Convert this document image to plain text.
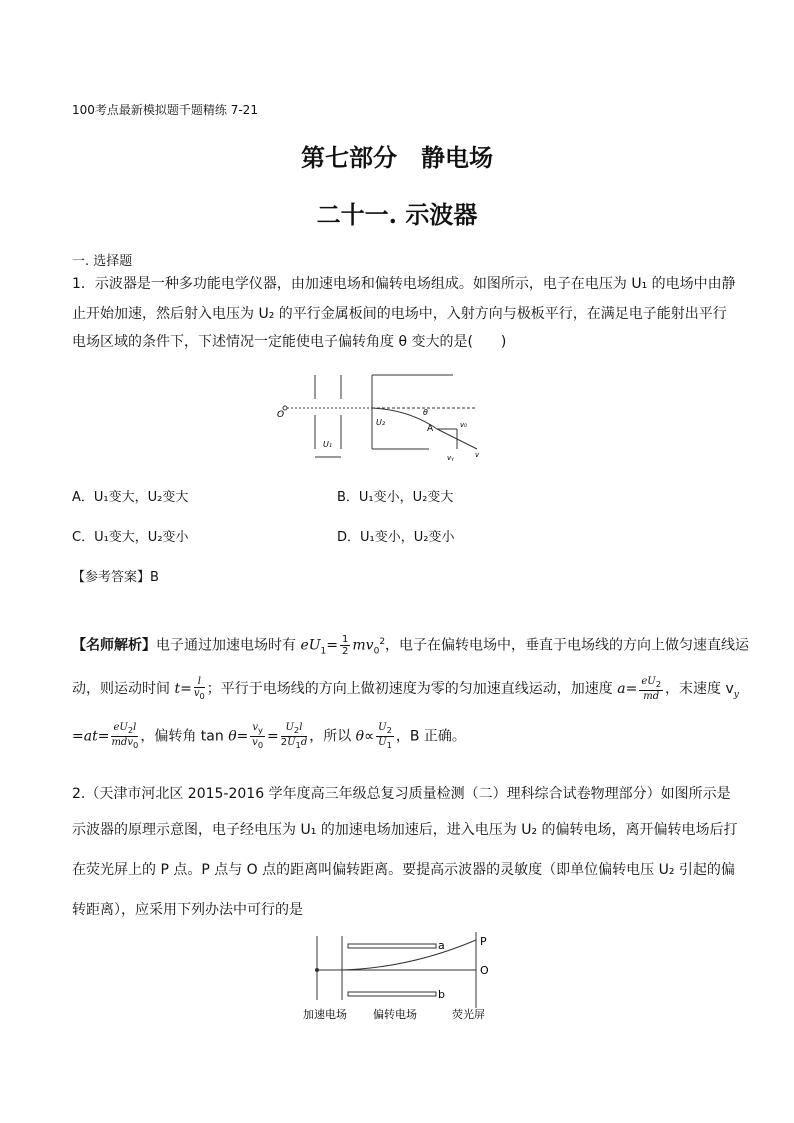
100考点最新模拟题千题精练 7-21
第七部分　静电场
二十一. 示波器
一. 选择题
1．示波器是一种多功能电学仪器，由加速电场和偏转电场组成。如图所示，电子在电压为 U₁ 的电场中由静
止开始加速，然后射入电压为 U₂ 的平行金属板间的电场中，入射方向与极板平行，在满足电子能射出平行
电场区域的条件下，下述情况一定能使电子偏转角度 θ 变大的是(　　)
O
U₁
U₂
θ
A	v₀
vᵧ	v
A．U₁变大，U₂变大	B．U₁变小，U₂变大
C．U₁变大，U₂变小	D．U₁变小，U₂变小
【参考答案】B
【名师解析】电子通过加速电场时有 $eU_1= \frac{1}{2} mv_0^2$，电子在偏转电场中，垂直于电场线的方向上做匀速直线运
动，则运动时间 $t= \frac{l}{v_0}$ ；平行于电场线的方向上做初速度为零的匀加速直线运动，加速度 $a= \frac{eU_2}{md}$ ，末速度 $v_y$
$=at= \frac{eU_2l}{mdv_0}$ ，偏转角 $\tan \theta= \frac{v_y}{v_0} = \frac{U_2l}{2U_1d}$ ，所以 $\theta\propto \frac{U_2}{U_1}$ ，B 正确。
2.（天津市河北区 2015-2016 学年度高三年级总复习质量检测（二）理科综合试卷物理部分）如图所示是
示波器的原理示意图，电子经电压为 U₁ 的加速电场加速后，进入电压为 U₂ 的偏转电场，离开偏转电场后打
在荧光屏上的 P 点。P 点与 O 点的距离叫偏转距离。要提高示波器的灵敏度（即单位偏转电压 U₂ 引起的偏
转距离），应采用下列办法中可行的是
a
b
P
O
加速电场 偏转电场	荧光屏
